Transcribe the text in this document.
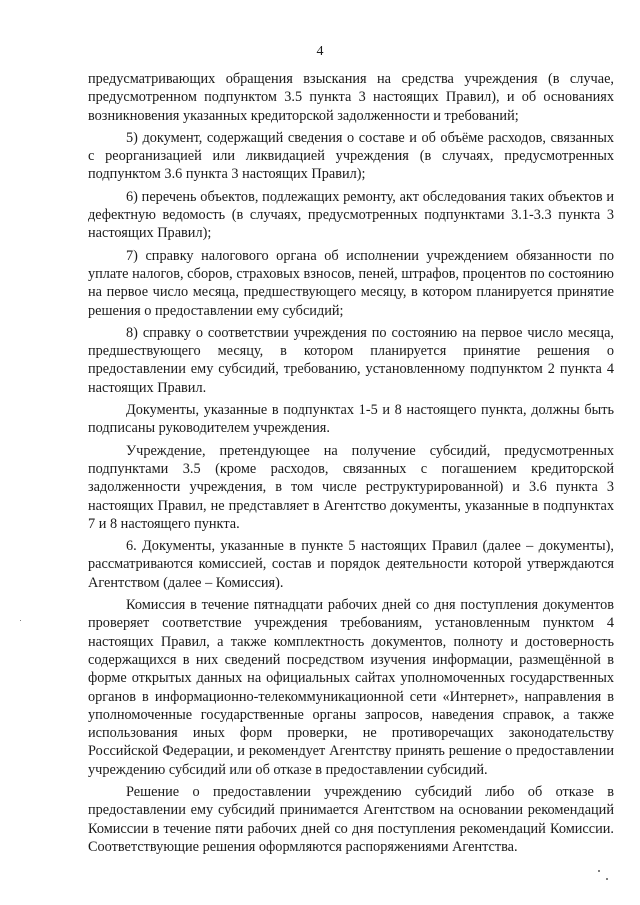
4

предусматривающих обращения взыскания на средства учреждения (в случае, предусмотренном подпунктом 3.5 пункта 3 настоящих Правил), и об основаниях возникновения указанных кредиторской задолженности и требований;

5) документ, содержащий сведения о составе и об объёме расходов, связанных с реорганизацией или ликвидацией учреждения (в случаях, предусмотренных подпунктом 3.6 пункта 3 настоящих Правил);

6) перечень объектов, подлежащих ремонту, акт обследования таких объектов и дефектную ведомость (в случаях, предусмотренных подпунктами 3.1-3.3 пункта 3 настоящих Правил);

7) справку налогового органа об исполнении учреждением обязанности по уплате налогов, сборов, страховых взносов, пеней, штрафов, процентов по состоянию на первое число месяца, предшествующего месяцу, в котором планируется принятие решения о предоставлении ему субсидий;

8) справку о соответствии учреждения по состоянию на первое число месяца, предшествующего месяцу, в котором планируется принятие решения о предоставлении ему субсидий, требованию, установленному подпунктом 2 пункта 4 настоящих Правил.

Документы, указанные в подпунктах 1-5 и 8 настоящего пункта, должны быть подписаны руководителем учреждения.

Учреждение, претендующее на получение субсидий, предусмотренных подпунктами 3.5 (кроме расходов, связанных с погашением кредиторской задолженности учреждения, в том числе реструктурированной) и 3.6 пункта 3 настоящих Правил, не представляет в Агентство документы, указанные в подпунктах 7 и 8 настоящего пункта.

6. Документы, указанные в пункте 5 настоящих Правил (далее – документы), рассматриваются комиссией, состав и порядок деятельности которой утверждаются Агентством (далее – Комиссия).

Комиссия в течение пятнадцати рабочих дней со дня поступления документов проверяет соответствие учреждения требованиям, установленным пунктом 4 настоящих Правил, а также комплектность документов, полноту и достоверность содержащихся в них сведений посредством изучения информации, размещённой в форме открытых данных на официальных сайтах уполномоченных государственных органов в информационно-телекоммуникационной сети «Интернет», направления в уполномоченные государственные органы запросов, наведения справок, а также использования иных форм проверки, не противоречащих законодательству Российской Федерации, и рекомендует Агентству принять решение о предоставлении учреждению субсидий или об отказе в предоставлении субсидий.

Решение о предоставлении учреждению субсидий либо об отказе в предоставлении ему субсидий принимается Агентством на основании рекомендаций Комиссии в течение пяти рабочих дней со дня поступления рекомендаций Комиссии. Соответствующие решения оформляются распоряжениями Агентства.
